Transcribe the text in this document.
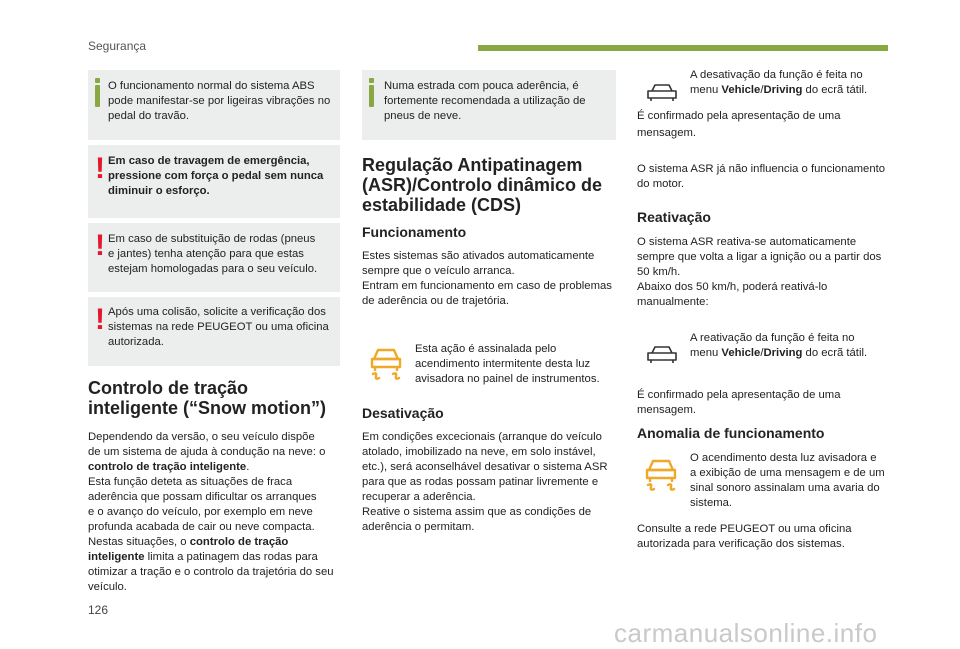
Segurança
O funcionamento normal do sistema ABS
pode manifestar-se por ligeiras vibrações no
pedal do travão.
! Em caso de travagem de emergência,
pressione com força o pedal sem nunca
diminuir o esforço.
! Em caso de substituição de rodas (pneus
e jantes) tenha atenção para que estas
estejam homologadas para o seu veículo.
! Após uma colisão, solicite a verificação dos
sistemas na rede PEUGEOT ou uma oficina
autorizada.
Controlo de tração
inteligente (“Snow motion”)
Dependendo da versão, o seu veículo dispõe
de um sistema de ajuda à condução na neve: o
controlo de tração inteligente.
Esta função deteta as situações de fraca
aderência que possam dificultar os arranques
e o avanço do veículo, por exemplo em neve
profunda acabada de cair ou neve compacta.
Nestas situações, o controlo de tração
inteligente limita a patinagem das rodas para
otimizar a tração e o controlo da trajetória do seu
veículo.
Numa estrada com pouca aderência, é
fortemente recomendada a utilização de
pneus de neve.
Regulação Antipatinagem
(ASR)/Controlo dinâmico de
estabilidade (CDS)
Funcionamento
Estes sistemas são ativados automaticamente
sempre que o veículo arranca.
Entram em funcionamento em caso de problemas
de aderência ou de trajetória.
Esta ação é assinalada pelo
acendimento intermitente desta luz
avisadora no painel de instrumentos.
Desativação
Em condições excecionais (arranque do veículo
atolado, imobilizado na neve, em solo instável,
etc.), será aconselhável desativar o sistema ASR
para que as rodas possam patinar livremente e
recuperar a aderência.
Reative o sistema assim que as condições de
aderência o permitam.
A desativação da função é feita no
menu Vehicle/Driving do ecrã tátil.
É confirmado pela apresentação de uma
mensagem.
O sistema ASR já não influencia o funcionamento
do motor.
Reativação
O sistema ASR reativa-se automaticamente
sempre que volta a ligar a ignição ou a partir dos
50 km/h.
Abaixo dos 50 km/h, poderá reativá-lo
manualmente:
A reativação da função é feita no
menu Vehicle/Driving do ecrã tátil.
É confirmado pela apresentação de uma
mensagem.
Anomalia de funcionamento
O acendimento desta luz avisadora e
a exibição de uma mensagem e de um
sinal sonoro assinalam uma avaria do
sistema.
Consulte a rede PEUGEOT ou uma oficina
autorizada para verificação dos sistemas.
126
carmanualsonline.info
